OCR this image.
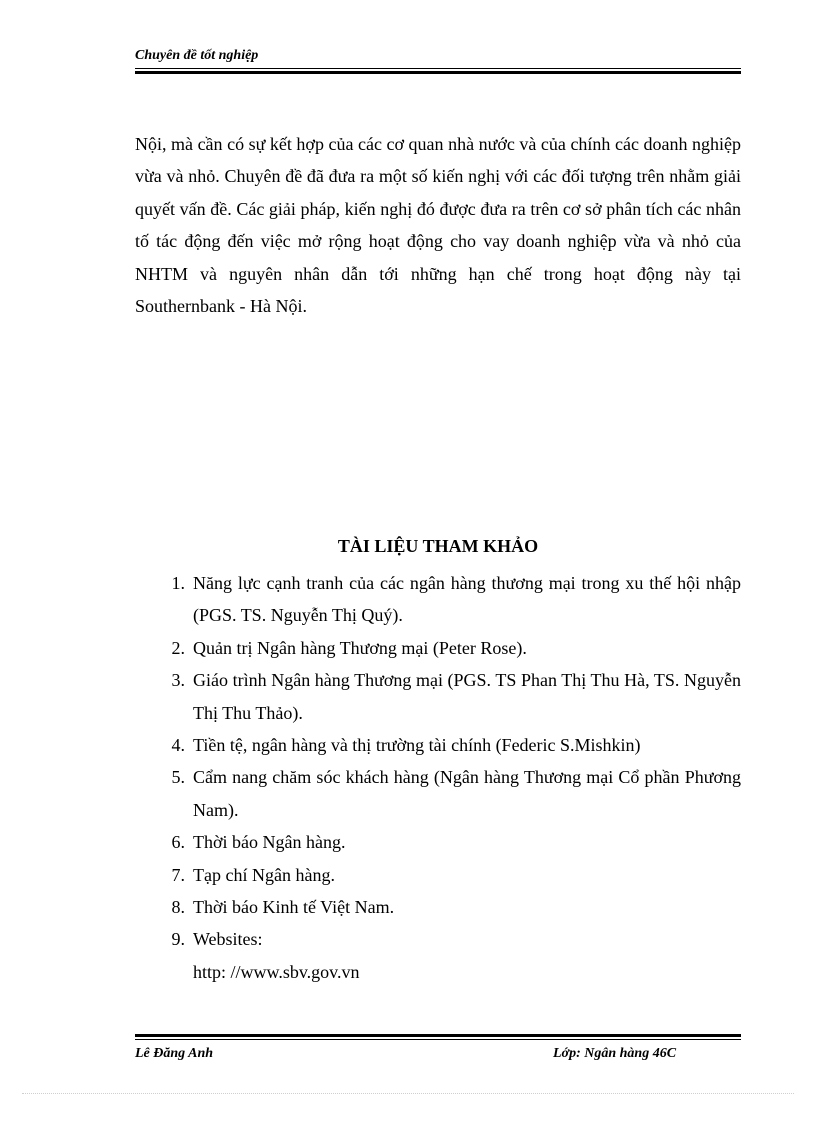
Chuyên đề tốt nghiệp

Nội, mà cần có sự kết hợp của các cơ quan nhà nước và của chính các doanh nghiệp vừa và nhỏ. Chuyên đề đã đưa ra một số kiến nghị với các đối tượng trên nhằm giải quyết vấn đề. Các giải pháp, kiến nghị đó được đưa ra trên cơ sở phân tích các nhân tố tác động đến việc mở rộng hoạt động cho vay doanh nghiệp vừa và nhỏ của NHTM và nguyên nhân dẫn tới những hạn chế trong hoạt động này tại Southernbank - Hà Nội.

TÀI LIỆU THAM KHẢO
1. Năng lực cạnh tranh của các ngân hàng thương mại trong xu thế hội nhập (PGS. TS. Nguyễn Thị Quý).
2. Quản trị Ngân hàng Thương mại (Peter Rose).
3. Giáo trình Ngân hàng Thương mại (PGS. TS Phan Thị Thu Hà, TS. Nguyễn Thị Thu Thảo).
4. Tiền tệ, ngân hàng và thị trường tài chính (Federic S.Mishkin)
5. Cẩm nang chăm sóc khách hàng (Ngân hàng Thương mại Cổ phần Phương Nam).
6. Thời báo Ngân hàng.
7. Tạp chí Ngân hàng.
8. Thời báo Kinh tế Việt Nam.
9. Websites:
http: //www.sbv.gov.vn
Lê Đăng Anh	Lớp: Ngân hàng 46C
